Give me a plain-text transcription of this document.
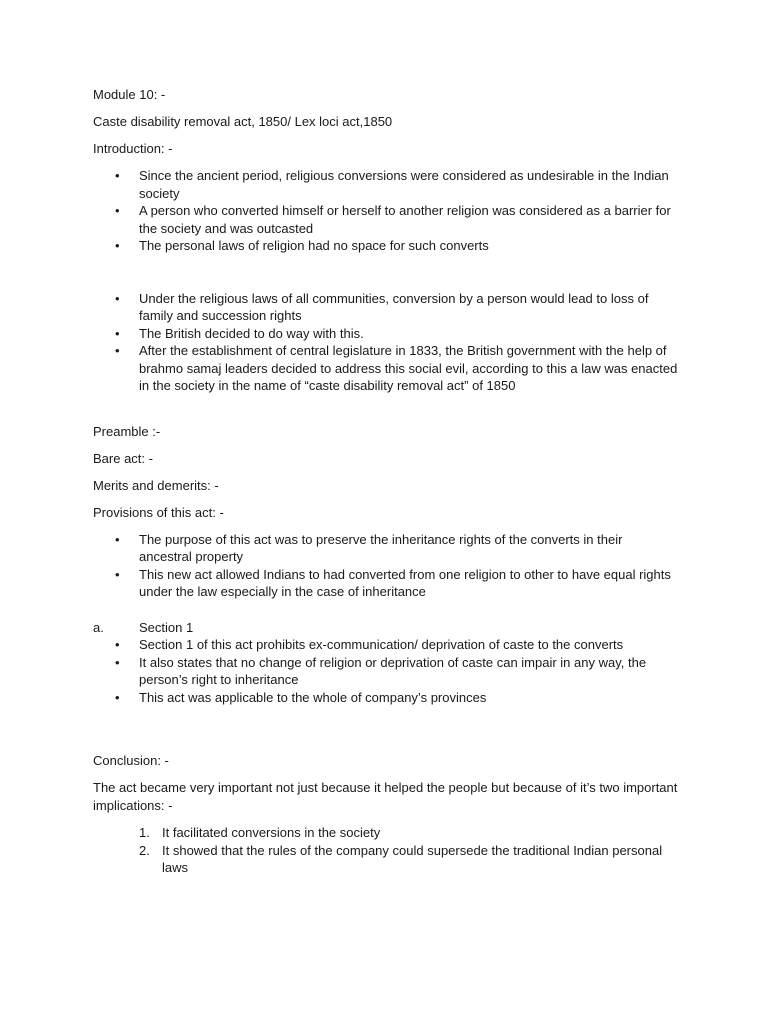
Module 10: -

Caste disability removal act, 1850/ Lex loci act,1850

Introduction: -

• Since the ancient period, religious conversions were considered as undesirable in the Indian society
• A person who converted himself or herself to another religion was considered as a barrier for the society and was outcasted
• The personal laws of religion had no space for such converts
• Under the religious laws of all communities, conversion by a person would lead to loss of family and succession rights
• The British decided to do way with this.
• After the establishment of central legislature in 1833, the British government with the help of brahmo samaj leaders decided to address this social evil, according to this a law was enacted in the society in the name of “caste disability removal act” of 1850

Preamble :-

Bare act: -

Merits and demerits: -

Provisions of this act: -

• The purpose of this act was to preserve the inheritance rights of the converts in their ancestral property
• This new act allowed Indians to had converted from one religion to other to have equal rights under the law especially in the case of inheritance
a.	Section 1
• Section 1 of this act prohibits ex-communication/ deprivation of caste to the converts
• It also states that no change of religion or deprivation of caste can impair in any way, the person’s right to inheritance
• This act was applicable to the whole of company’s provinces

Conclusion: -

The act became very important not just because it helped the people but because of it’s two important implications: -

1. It facilitated conversions in the society
2. It showed that the rules of the company could supersede the traditional Indian personal laws
